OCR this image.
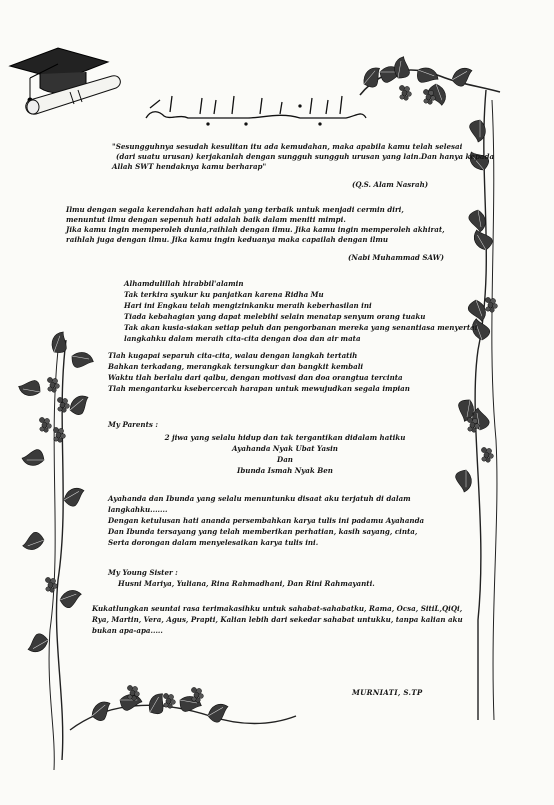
"Sesungguhnya sesudah kesulitan itu ada kemudahan, maka apabila kamu telah selesai
(dari suatu urusan) kerjakanlah dengan sungguh sungguh urusan yang lain.Dan hanya kepada
Allah SWT hendaknya kamu berharap"
(Q.S. Alam Nasrah)
Ilmu dengan segala kerendahan hati adalah yang terbaik untuk menjadi cermin diri,
menuntut ilmu dengan sepenuh hati adalah baik dalam meniti mimpi.
Jika kamu ingin memperoleh dunia,raihlah dengan ilmu. Jika kamu ingin memperoleh akhirat,
raihlah juga dengan ilmu. Jika kamu ingin keduanya maka capailah dengan ilmu
(Nabi Muhammad SAW)
Alhamdulillah hirabbil'alamin
Tak terkira syukur ku panjatkan karena Ridha Mu
Hari ini Engkau telah mengizinkanku meraih keberhasilan ini
Tiada kebahagian yang dapat melebihi selain menatap senyum orang tuaku
Tak akan kusia-siakan setiap peluh dan pengorbanan mereka yang senantiasa menyertai
langkahku dalam meraih cita-cita dengan doa dan air mata
Tlah kugapai separuh cita-cita, walau dengan langkah tertatih
Bahkan terkadang, merangkak tersungkur dan bangkit kembali
Waktu tlah berlalu dari qalbu, dengan motivasi dan doa orangtua tercinta
Tlah mengantarku ksebercercah harapan untuk mewujudkan segala impian
My Parents :
2 jiwa yang selalu hidup dan tak tergantikan didalam hatiku
Ayahanda Nyak Ubat Yasin
Dan
Ibunda Ismah Nyak Ben
Ayahanda dan Ibunda yang selalu menuntunku disaat aku terjatuh di dalam
langkahku.......
Dengan ketulusan hati ananda persembahkan karya tulis ini padamu Ayahanda
Dan Ibunda tersayang yang telah memberikan perhatian, kasih sayang, cinta,
Serta dorongan dalam menyelesaikan karya tulis ini.
My Young Sister :
Husni Mariya, Yuliana, Rina Rahmadhani, Dan Rini Rahmayanti.
Kukatlungkan seuntai rasa terimakasihku untuk sahabat-sahabatku, Rama, Ocsa, SitiL,QiQi,
Rya, Martin, Vera, Agus, Prapti, Kalian lebih dari sekedar sahabat untukku, tanpa kalian aku
bukan apa-apa.....
MURNIATI, S.TP
